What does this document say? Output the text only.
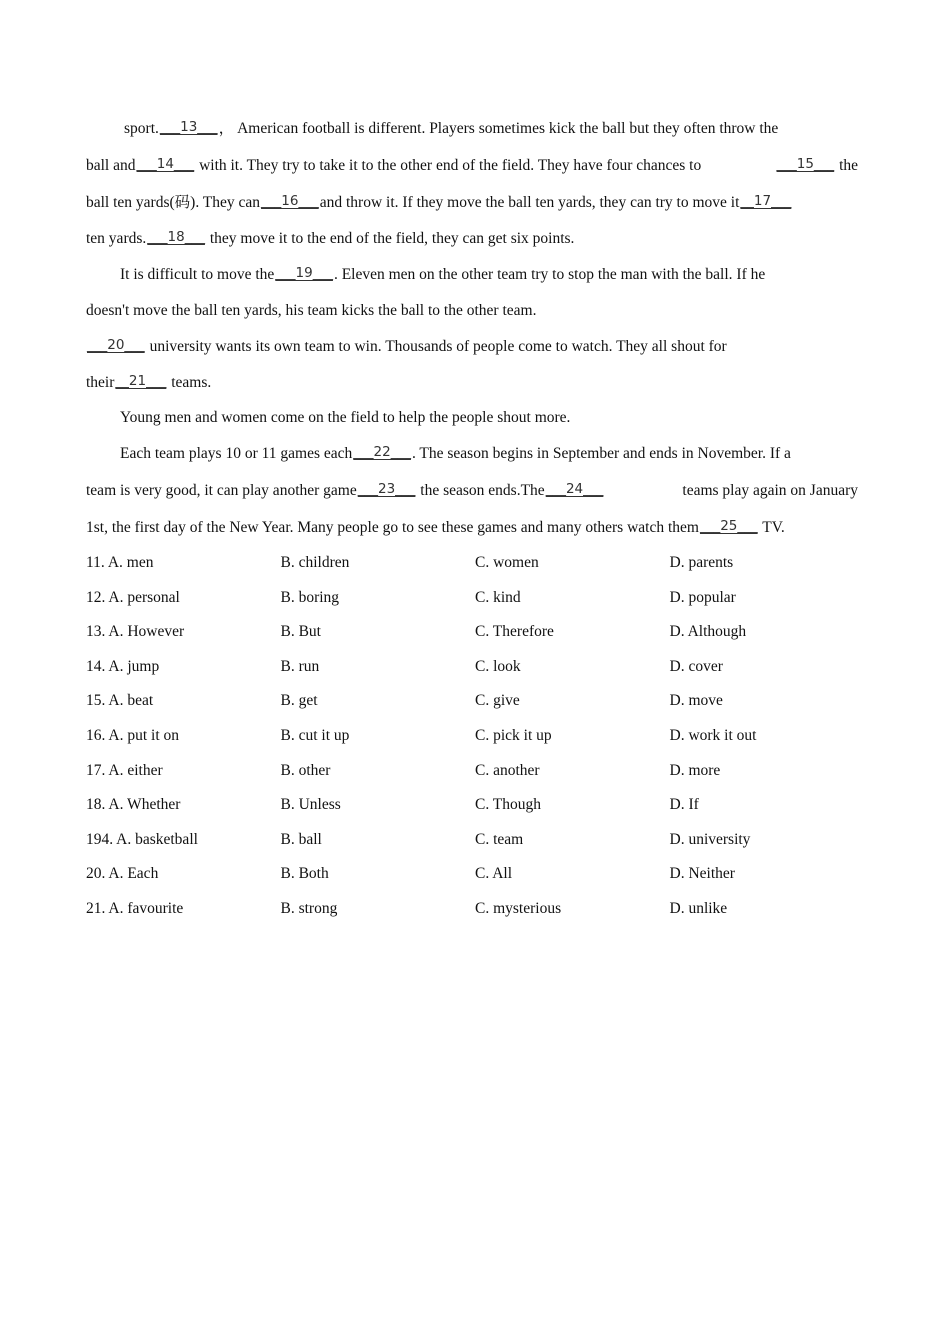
sport.___13___， American football is different. Players sometimes kick the ball but they often throw the
ball and___14___ with it. They try to take it to the other end of the field. They have four chances to	___15___ the
ball ten yards(码). They can___16___and throw it. If they move the ball ten yards, they can try to move it__17___
ten yards.___18___ they move it to the end of the field, they can get six points.
It is difficult to move the___19___. Eleven men on the other team try to stop the man with the ball. If he
doesn't move the ball ten yards, his team kicks the ball to the other team.
___20___ university wants its own team to win. Thousands of people come to watch. They all shout for
their__21___ teams.
Young men and women come on the field to help the people shout more.
Each team plays 10 or 11 games each___22___. The season begins in September and ends in November. If a
team is very good, it can play another game___23___ the season ends.The___24___	teams play again on January
1st, the first day of the New Year. Many people go to see these games and many others watch them___25___ TV.
11. A. men	B. children	C. women	D. parents
12. A. personal	B. boring	C. kind	D. popular
13. A. However	B. But	C. Therefore	D. Although
14. A. jump	B. run	C. look	D. cover
15. A. beat	B. get	C. give	D. move
16. A. put it on	B. cut it up	C. pick it up	D. work it out
17. A. either	B. other	C. another	D. more
18. A. Whether	B. Unless	C. Though	D. If
194. A. basketball	B. ball	C. team	D. university
20. A. Each	B. Both	C. All	D. Neither
21. A. favourite	B. strong	C. mysterious	D. unlike
